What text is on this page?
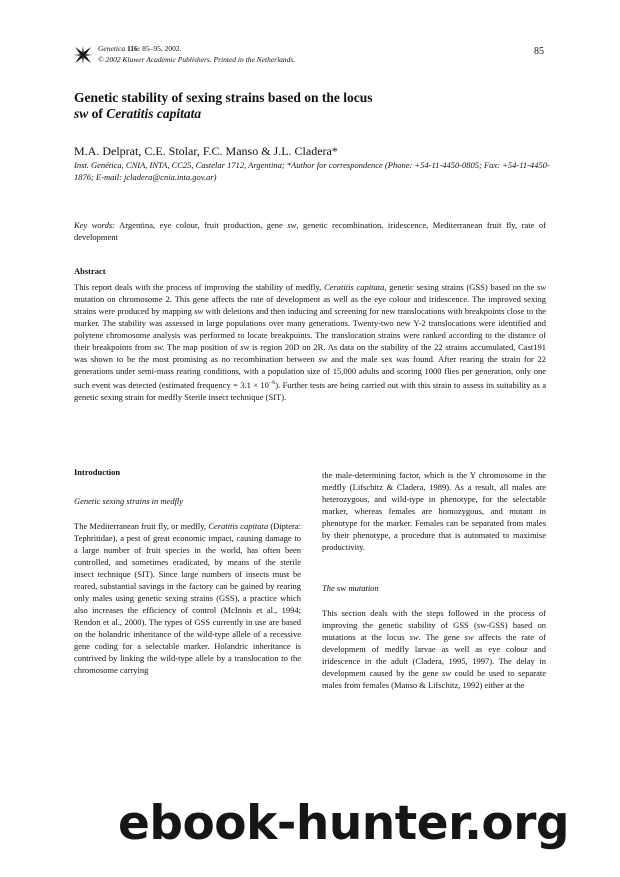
Genetica 116: 85–95, 2002.
© 2002 Kluwer Academic Publishers. Printed in the Netherlands.
85
Genetic stability of sexing strains based on the locus
sw of Ceratitis capitata
M.A. Delprat, C.E. Stolar, F.C. Manso & J.L. Cladera*
Inst. Genética, CNIA, INTA, CC25, Castelar 1712, Argentina; *Author for correspondence (Phone: +54-11-4450-0805; Fax: +54-11-4450-1876; E-mail: jcladera@cnia.inta.gov.ar)
Key words: Argentina, eye colour, fruit production, gene sw, genetic recombination, iridescence, Mediterranean fruit fly, rate of development
Abstract
This report deals with the process of improving the stability of medfly, Ceratitis capitata, genetic sexing strains (GSS) based on the sw mutation on chromosome 2. This gene affects the rate of development as well as the eye colour and iridescence. The improved sexing strains were produced by mapping sw with deletions and then inducing and screening for new translocations with breakpoints close to the marker. The stability was assessed in large populations over many generations. Twenty-two new Y-2 translocations were identified and polytene chromosome analysis was performed to locate breakpoints. The translocation strains were ranked according to the distance of their breakpoints from sw. The map position of sw is region 20D on 2R. As data on the stability of the 22 strains accumulated, Cast191 was shown to be the most promising as no recombination between sw and the male sex was found. After rearing the strain for 22 generations under semi-mass rearing conditions, with a population size of 15,000 adults and scoring 1000 flies per generation, only one such event was detected (estimated frequency = $3.1 \times 10^{-6}$). Further tests are being carried out with this strain to assess its suitability as a genetic sexing strain for medfly Sterile insect technique (SIT).
Introduction
Genetic sexing strains in medfly
The Mediterranean fruit fly, or medfly, Ceratitis capitata (Diptera: Tephritidae), a pest of great economic impact, causing damage to a large number of fruit species in the world, has often been controlled, and sometimes eradicated, by means of the sterile insect technique (SIT). Since large numbers of insects must be reared, substantial savings in the factory can be gained by rearing only males using genetic sexing strains (GSS), a practice which also increases the efficiency of control (McInnis et al., 1994; Rendon et al., 2000). The types of GSS currently in use are based on the holandric inheritance of the wild-type allele of a recessive gene coding for a selectable marker. Holandric inheritance is contrived by linking the wild-type allele by a translocation to the chromosome carrying
the male-determining factor, which is the Y chromosome in the medfly (Lifschitz & Cladera, 1989). As a result, all males are heterozygous, and wild-type in phenotype, for the selectable marker, whereas females are homozygous, and mutant in phenotype for the marker. Females can be separated from males by their phenotype, a procedure that is automated to maximise productivity.
The sw mutation
This section deals with the steps followed in the process of improving the genetic stability of GSS (sw-GSS) based on mutations at the locus sw. The gene sw affects the rate of development of medfly larvae as well as eye colour and iridescence in the adult (Cladera, 1995, 1997). The delay in development caused by the gene sw could be used to separate males from females (Manso & Lifschitz, 1992) either at the
ebook-hunter.org
